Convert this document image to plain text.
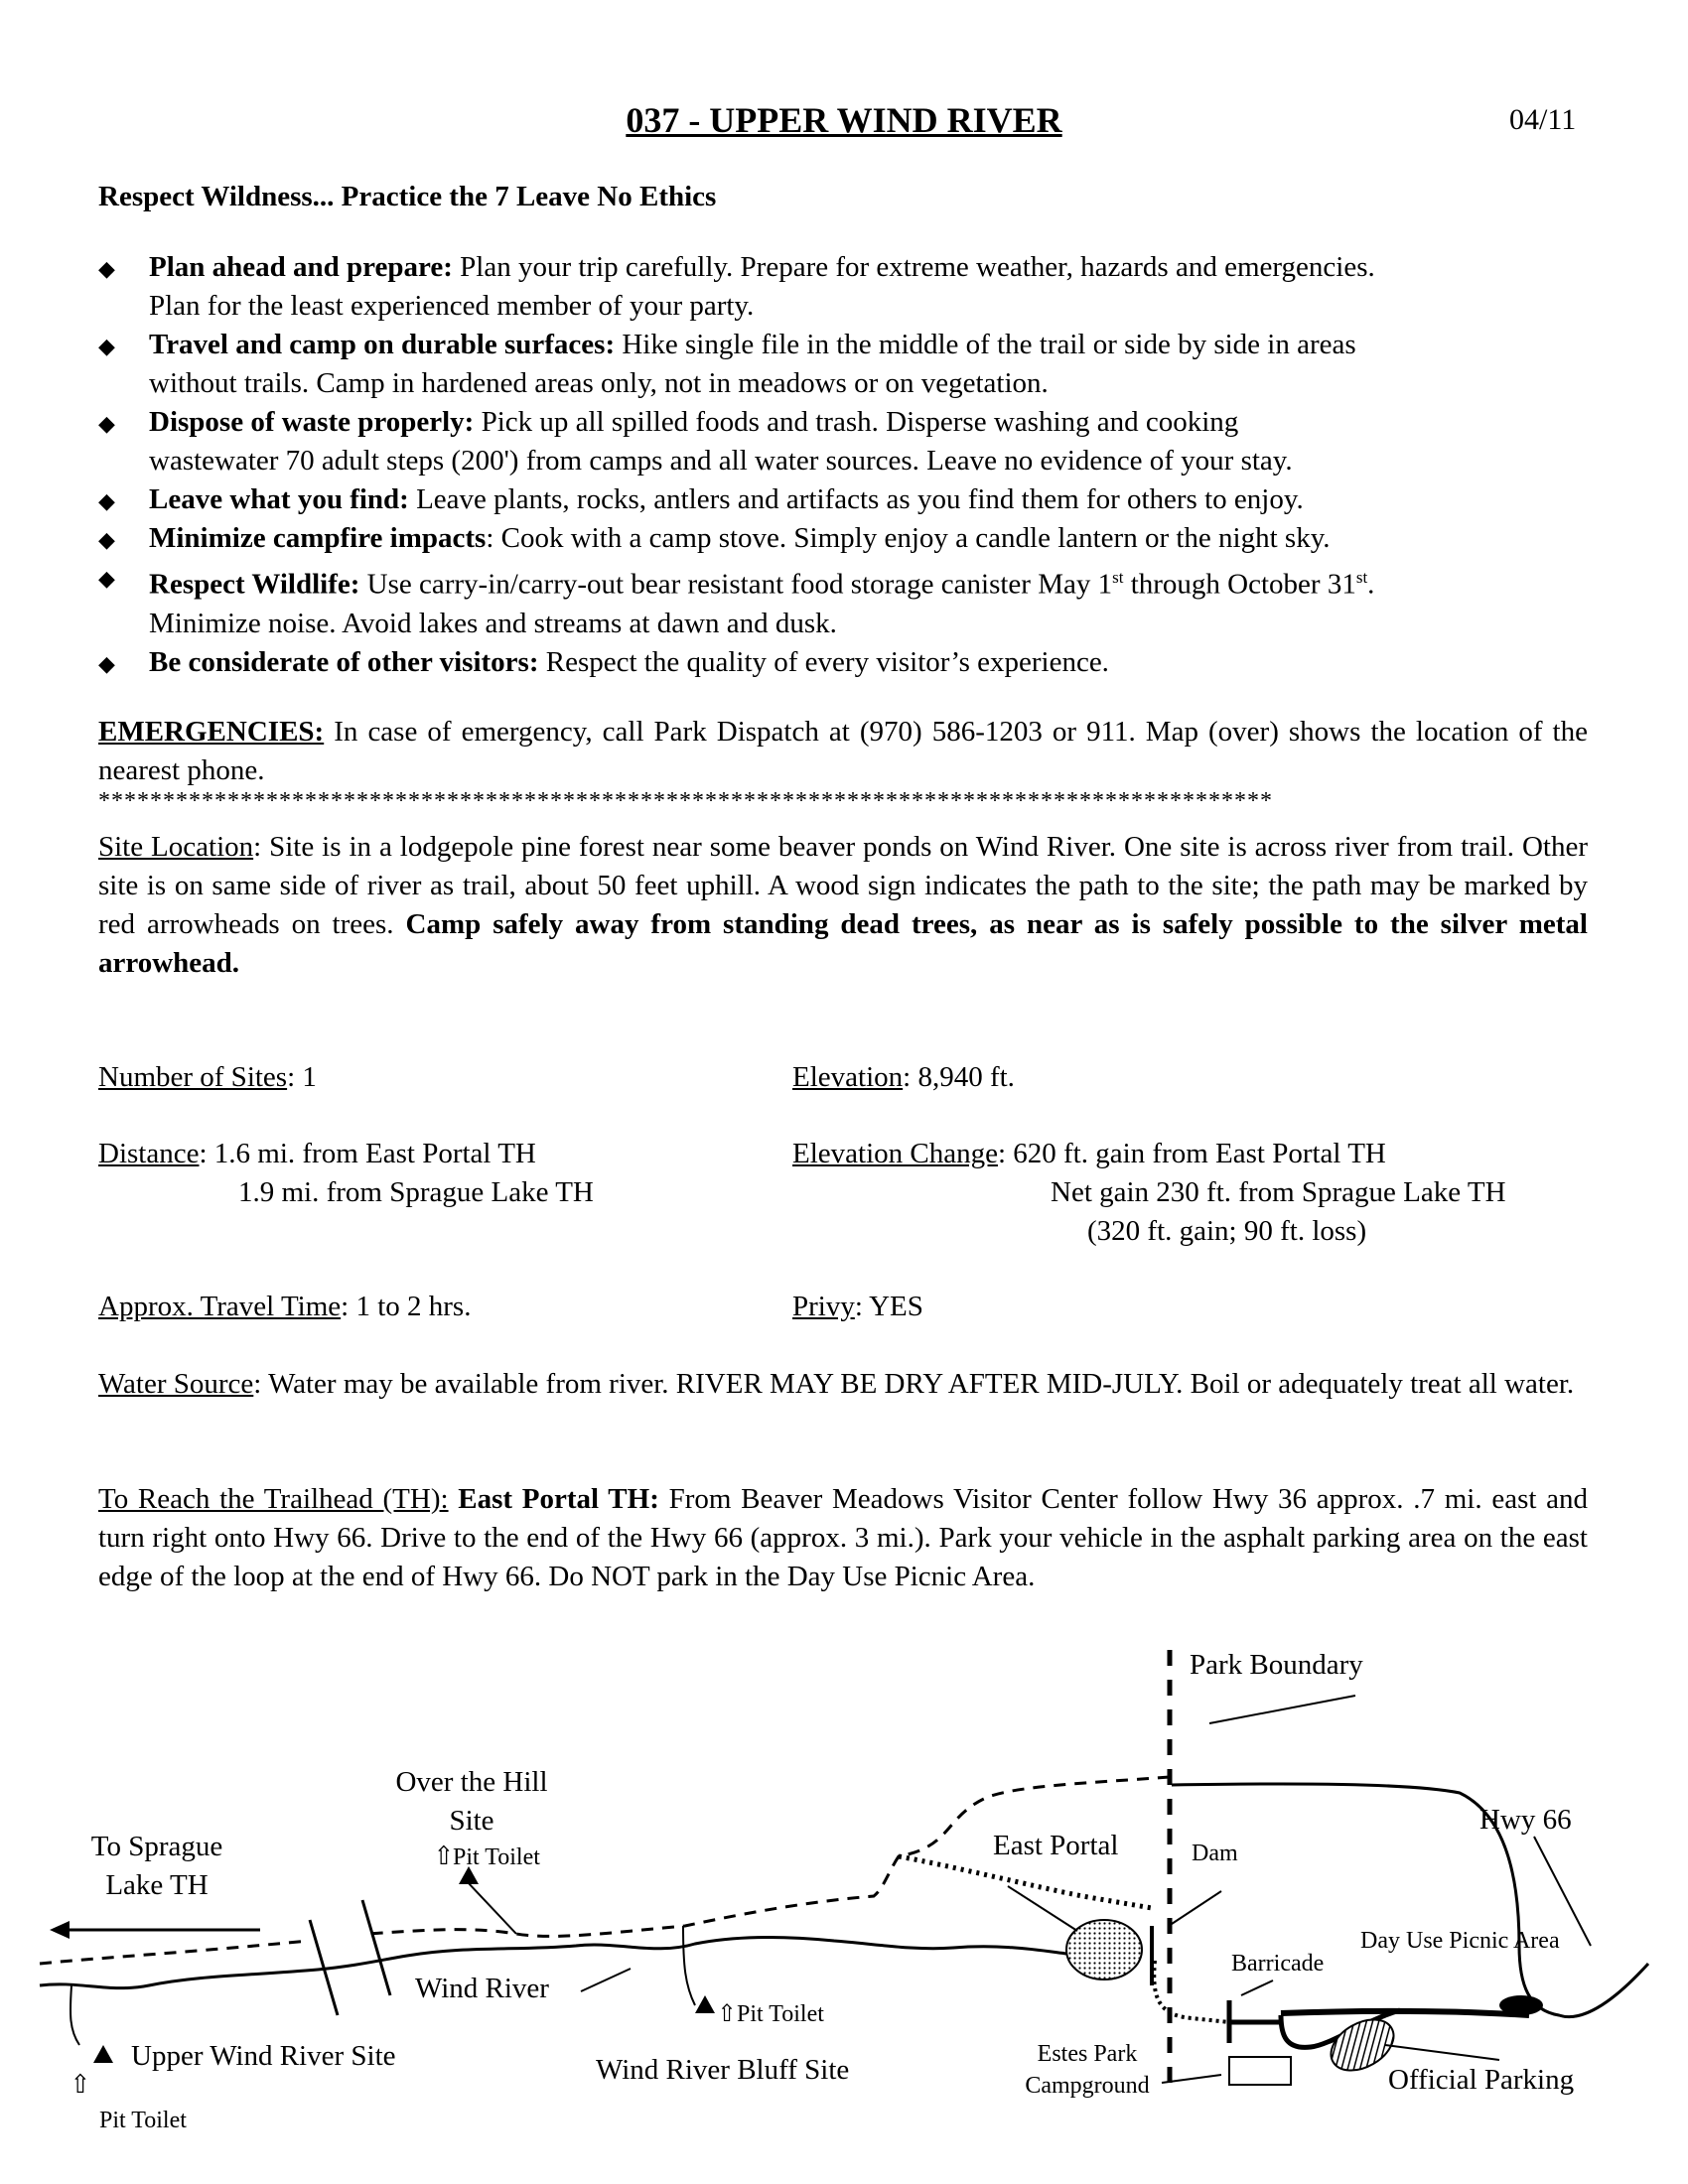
037 - UPPER WIND RIVER	04/11
Respect Wildness... Practice the 7 Leave No Ethics
◆ Plan ahead and prepare: Plan your trip carefully. Prepare for extreme weather, hazards and emergencies.
Plan for the least experienced member of your party.
◆ Travel and camp on durable surfaces: Hike single file in the middle of the trail or side by side in areas
without trails. Camp in hardened areas only, not in meadows or on vegetation.
◆ Dispose of waste properly: Pick up all spilled foods and trash. Disperse washing and cooking
wastewater 70 adult steps (200') from camps and all water sources. Leave no evidence of your stay.
◆ Leave what you find: Leave plants, rocks, antlers and artifacts as you find them for others to enjoy.
◆ Minimize campfire impacts: Cook with a camp stove. Simply enjoy a candle lantern or the night sky.
◆ Respect Wildlife: Use carry-in/carry-out bear resistant food storage canister May 1st through October 31st.
Minimize noise. Avoid lakes and streams at dawn and dusk.
◆ Be considerate of other visitors: Respect the quality of every visitor’s experience.
EMERGENCIES: In case of emergency, call Park Dispatch at (970) 586-1203 or 911. Map (over) shows the location of the nearest phone.
*******************************************************************************************
Site Location: Site is in a lodgepole pine forest near some beaver ponds on Wind River. One site is across river from trail. Other site is on same side of river as trail, about 50 feet uphill. A wood sign indicates the path to the site; the path may be marked by red arrowheads on trees. Camp safely away from standing dead trees, as near as is safely possible to the silver metal arrowhead.
Number of Sites: 1	Elevation: 8,940 ft.
Distance: 1.6 mi. from East Portal TH
1.9 mi. from Sprague Lake TH
Elevation Change: 620 ft. gain from East Portal TH
Net gain 230 ft. from Sprague Lake TH
(320 ft. gain; 90 ft. loss)
Approx. Travel Time: 1 to 2 hrs.	Privy: YES
Water Source: Water may be available from river. RIVER MAY BE DRY AFTER MID-JULY. Boil or adequately treat all water.
To Reach the Trailhead (TH): East Portal TH: From Beaver Meadows Visitor Center follow Hwy 36 approx. .7 mi. east and turn right onto Hwy 66. Drive to the end of the Hwy 66 (approx. 3 mi.). Park your vehicle in the asphalt parking area on the east edge of the loop at the end of Hwy 66. Do NOT park in the Day Use Picnic Area.
⇧
⇧
⇧
Park Boundary
Over the Hill
Site
Pit Toilet
To Sprague
Lake TH
East Portal	Dam
Hwy 66
Day Use Picnic Area
Barricade
Wind River
Pit Toilet
Upper Wind River Site	Wind River Bluff Site	Estes Park
Campground	Official Parking
Pit Toilet
